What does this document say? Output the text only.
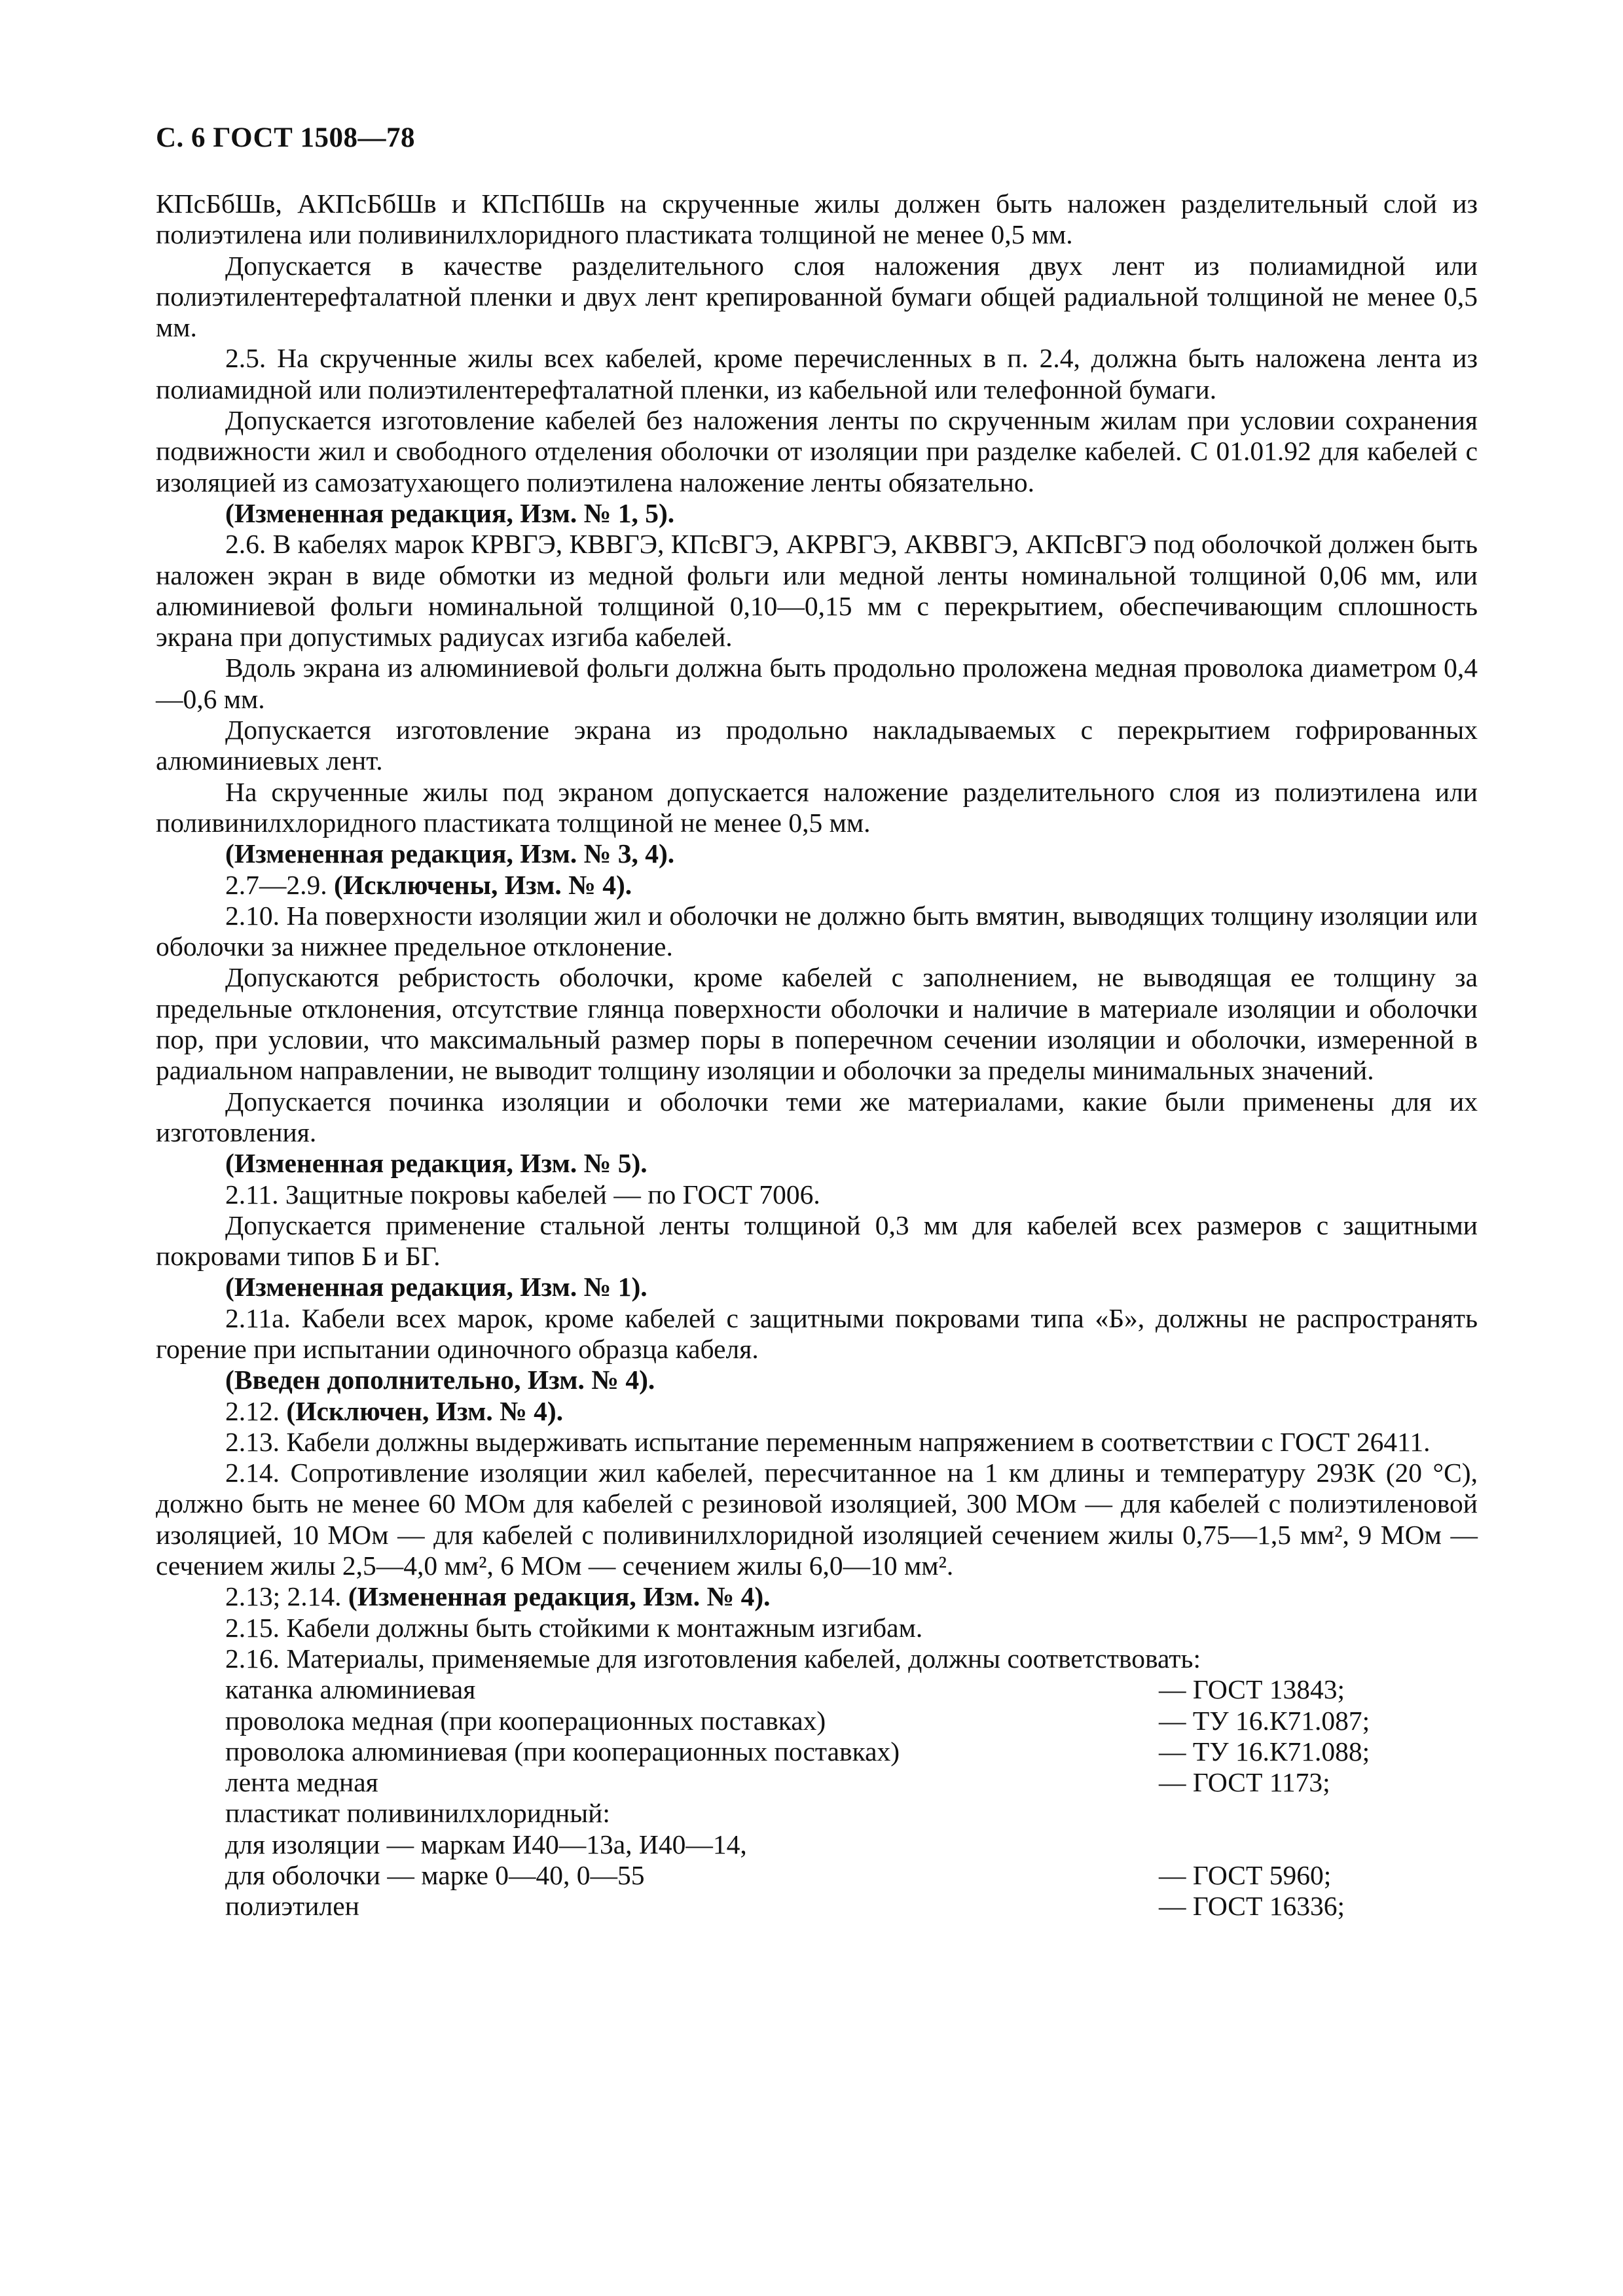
С. 6 ГОСТ 1508—78

КПсБбШв, АКПсБбШв и КПсПбШв на скрученные жилы должен быть наложен разделительный слой из полиэтилена или поливинилхлоридного пластиката толщиной не менее 0,5 мм.

Допускается в качестве разделительного слоя наложения двух лент из полиамидной или полиэтилентерефталатной пленки и двух лент крепированной бумаги общей радиальной толщиной не менее 0,5 мм.

2.5. На скрученные жилы всех кабелей, кроме перечисленных в п. 2.4, должна быть наложена лента из полиамидной или полиэтилентерефталатной пленки, из кабельной или телефонной бумаги.

Допускается изготовление кабелей без наложения ленты по скрученным жилам при условии сохранения подвижности жил и свободного отделения оболочки от изоляции при разделке кабелей. С 01.01.92 для кабелей с изоляцией из самозатухающего полиэтилена наложение ленты обязательно.

(Измененная редакция, Изм. № 1, 5).

2.6. В кабелях марок КРВГЭ, КВВГЭ, КПсВГЭ, АКРВГЭ, АКВВГЭ, АКПсВГЭ под оболочкой должен быть наложен экран в виде обмотки из медной фольги или медной ленты номинальной толщиной 0,06 мм, или алюминиевой фольги номинальной толщиной 0,10—0,15 мм с перекрытием, обеспечивающим сплошность экрана при допустимых радиусах изгиба кабелей.

Вдоль экрана из алюминиевой фольги должна быть продольно проложена медная проволока диаметром 0,4—0,6 мм.

Допускается изготовление экрана из продольно накладываемых с перекрытием гофрированных алюминиевых лент.

На скрученные жилы под экраном допускается наложение разделительного слоя из полиэтилена или поливинилхлоридного пластиката толщиной не менее 0,5 мм.

(Измененная редакция, Изм. № 3, 4).

2.7—2.9. (Исключены, Изм. № 4).

2.10. На поверхности изоляции жил и оболочки не должно быть вмятин, выводящих толщину изоляции или оболочки за нижнее предельное отклонение.

Допускаются ребристость оболочки, кроме кабелей с заполнением, не выводящая ее толщину за предельные отклонения, отсутствие глянца поверхности оболочки и наличие в материале изоляции и оболочки пор, при условии, что максимальный размер поры в поперечном сечении изоляции и оболочки, измеренной в радиальном направлении, не выводит толщину изоляции и оболочки за пределы минимальных значений.

Допускается починка изоляции и оболочки теми же материалами, какие были применены для их изготовления.

(Измененная редакция, Изм. № 5).

2.11. Защитные покровы кабелей — по ГОСТ 7006.

Допускается применение стальной ленты толщиной 0,3 мм для кабелей всех размеров с защитными покровами типов Б и БГ.

(Измененная редакция, Изм. № 1).

2.11а. Кабели всех марок, кроме кабелей с защитными покровами типа «Б», должны не распространять горение при испытании одиночного образца кабеля.

(Введен дополнительно, Изм. № 4).

2.12. (Исключен, Изм. № 4).

2.13. Кабели должны выдерживать испытание переменным напряжением в соответствии с ГОСТ 26411.

2.14. Сопротивление изоляции жил кабелей, пересчитанное на 1 км длины и температуру 293К (20 °С), должно быть не менее 60 МОм для кабелей с резиновой изоляцией, 300 МОм — для кабелей с полиэтиленовой изоляцией, 10 МОм — для кабелей с поливинилхлоридной изоляцией сечением жилы 0,75—1,5 мм², 9 МОм — сечением жилы 2,5—4,0 мм², 6 МОм — сечением жилы 6,0—10 мм².

2.13; 2.14. (Измененная редакция, Изм. № 4).

2.15. Кабели должны быть стойкими к монтажным изгибам.

2.16. Материалы, применяемые для изготовления кабелей, должны соответствовать:

катанка алюминиевая	— ГОСТ 13843;
проволока медная (при кооперационных поставках)	— ТУ 16.К71.087;
проволока алюминиевая (при кооперационных поставках)	— ТУ 16.К71.088;
лента медная	— ГОСТ 1173;
пластикат поливинилхлоридный:
для изоляции — маркам И40—13а, И40—14,
для оболочки — марке 0—40, 0—55	— ГОСТ 5960;
полиэтилен	— ГОСТ 16336;
